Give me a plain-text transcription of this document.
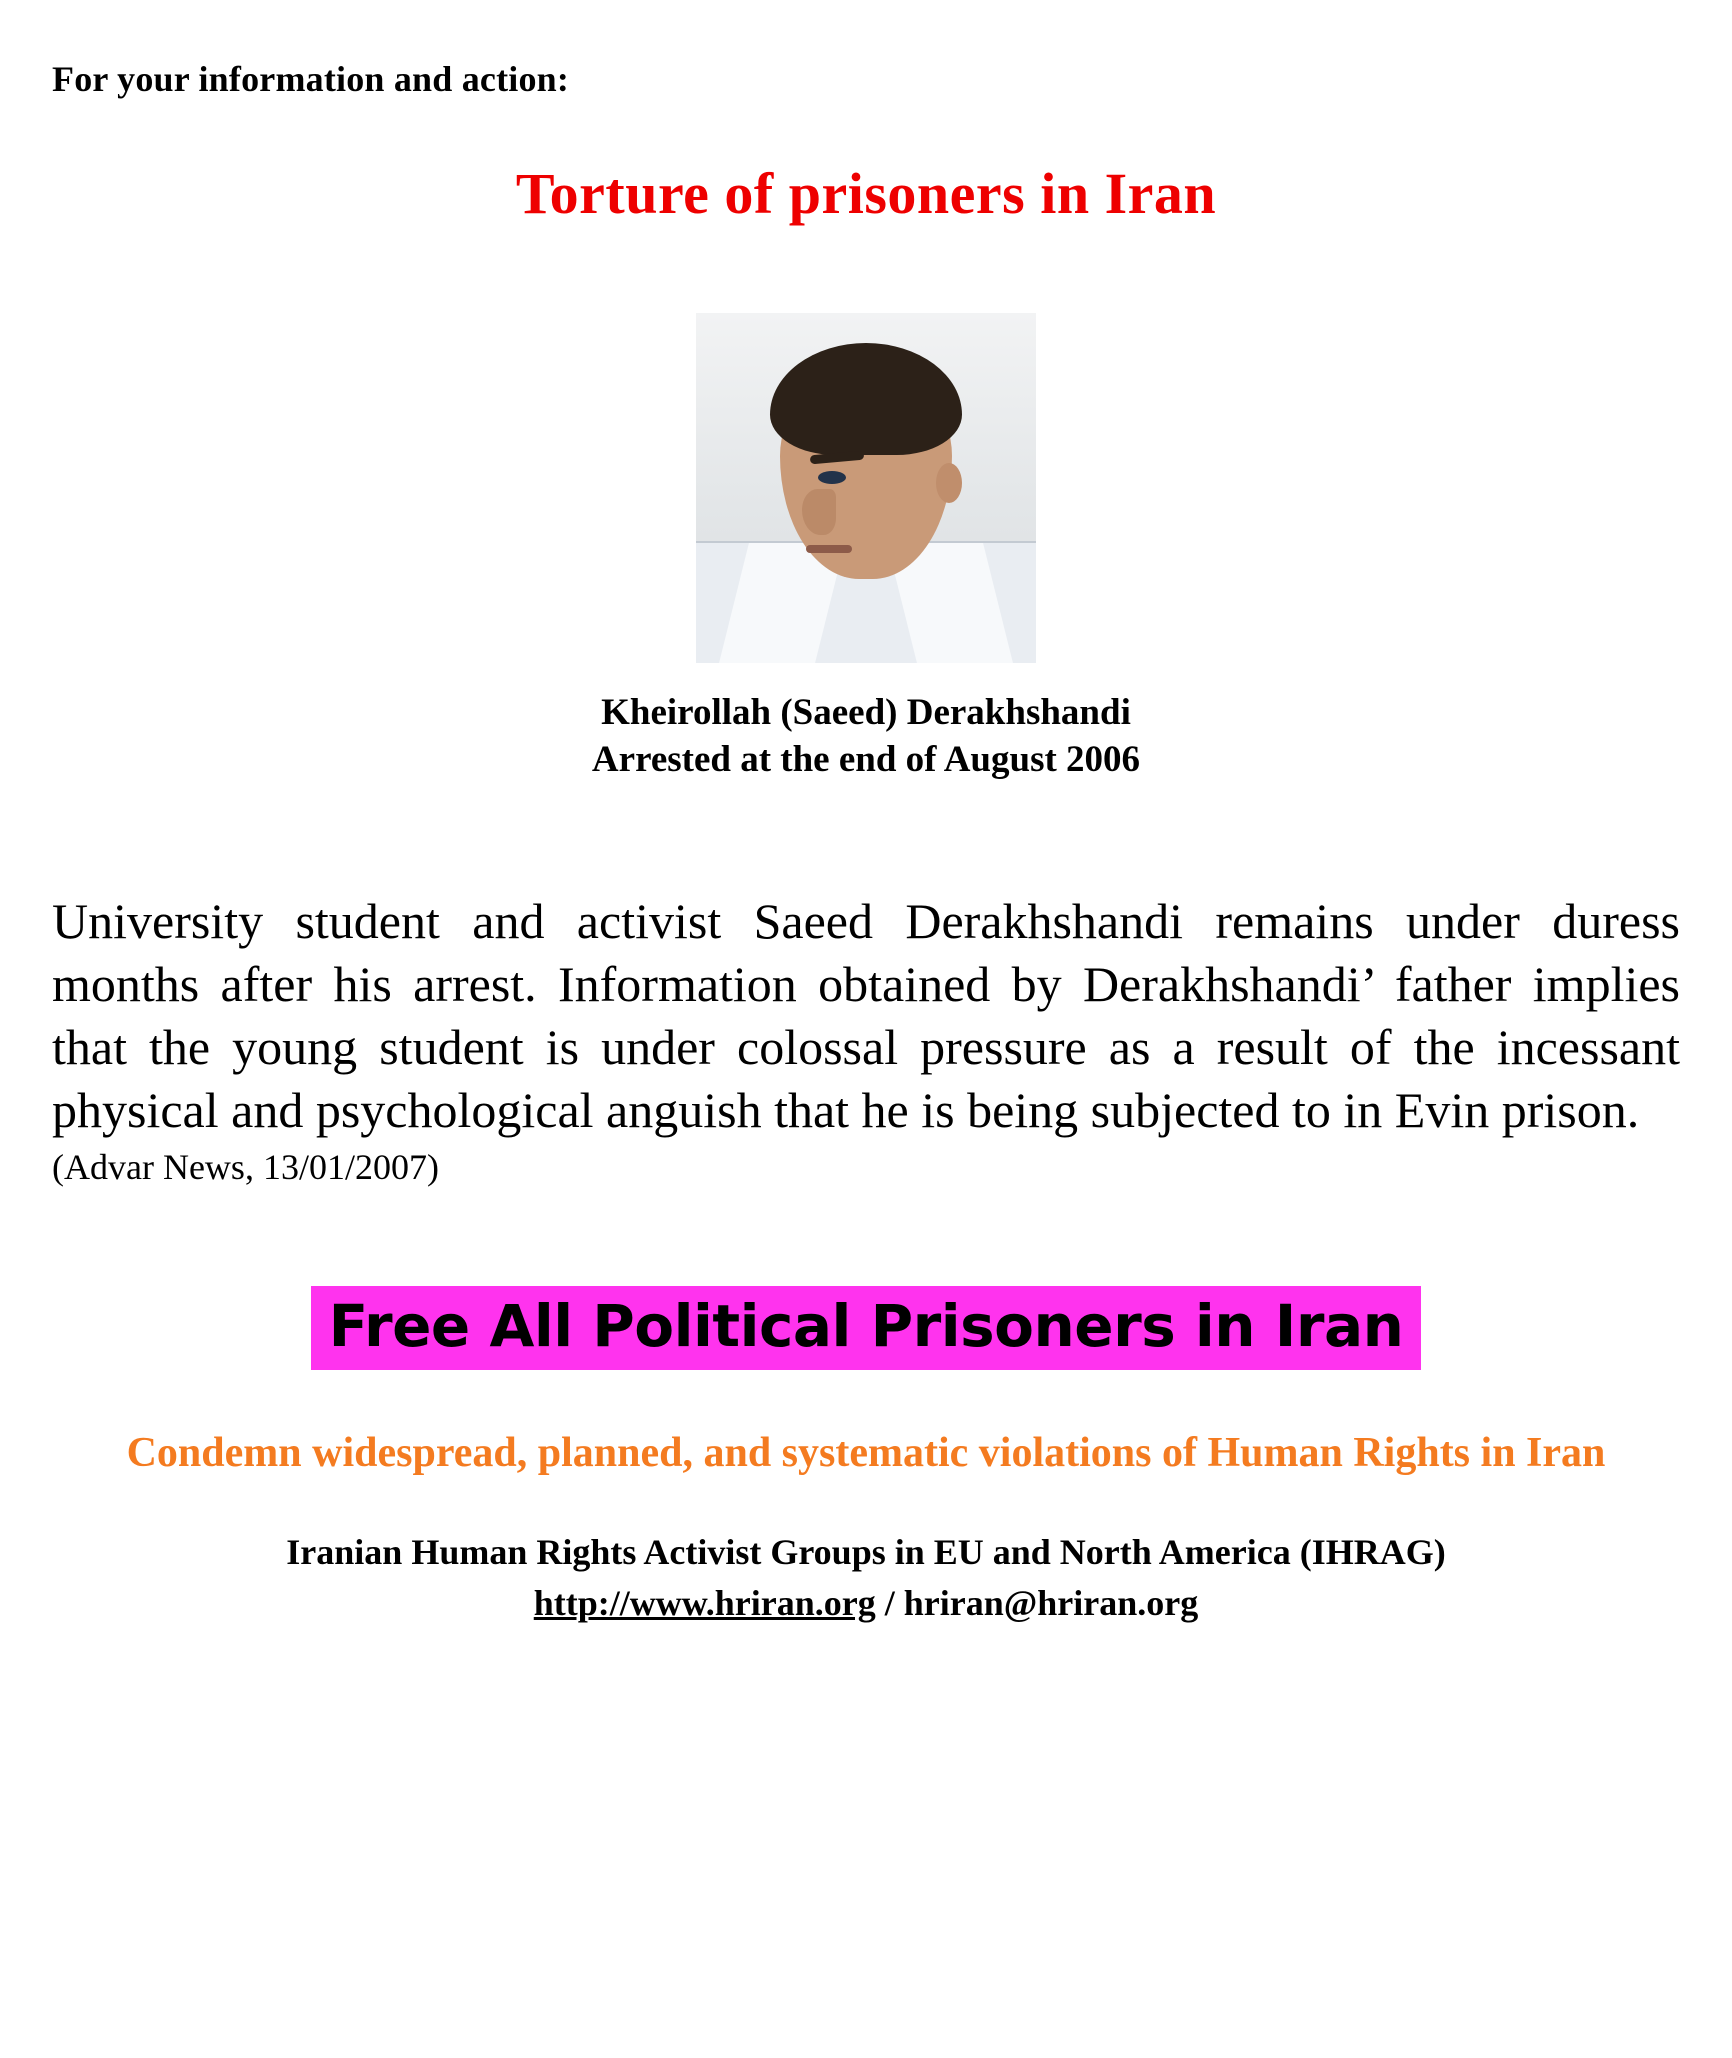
For your information and action:
Torture of prisoners in Iran
Kheirollah (Saeed) Derakhshandi
Arrested at the end of August 2006

University student and activist Saeed Derakhshandi remains under duress months after his arrest. Information obtained by Derakhshandi’ father implies that the young student is under colossal pressure as a result of the incessant physical and psychological anguish that he is being subjected to in Evin prison.

(Advar News, 13/01/2007)
Free All Political Prisoners in Iran
Condemn widespread, planned, and systematic violations of Human Rights in Iran
Iranian Human Rights Activist Groups in EU and North America (IHRAG)
http://www.hriran.org / hriran@hriran.org
